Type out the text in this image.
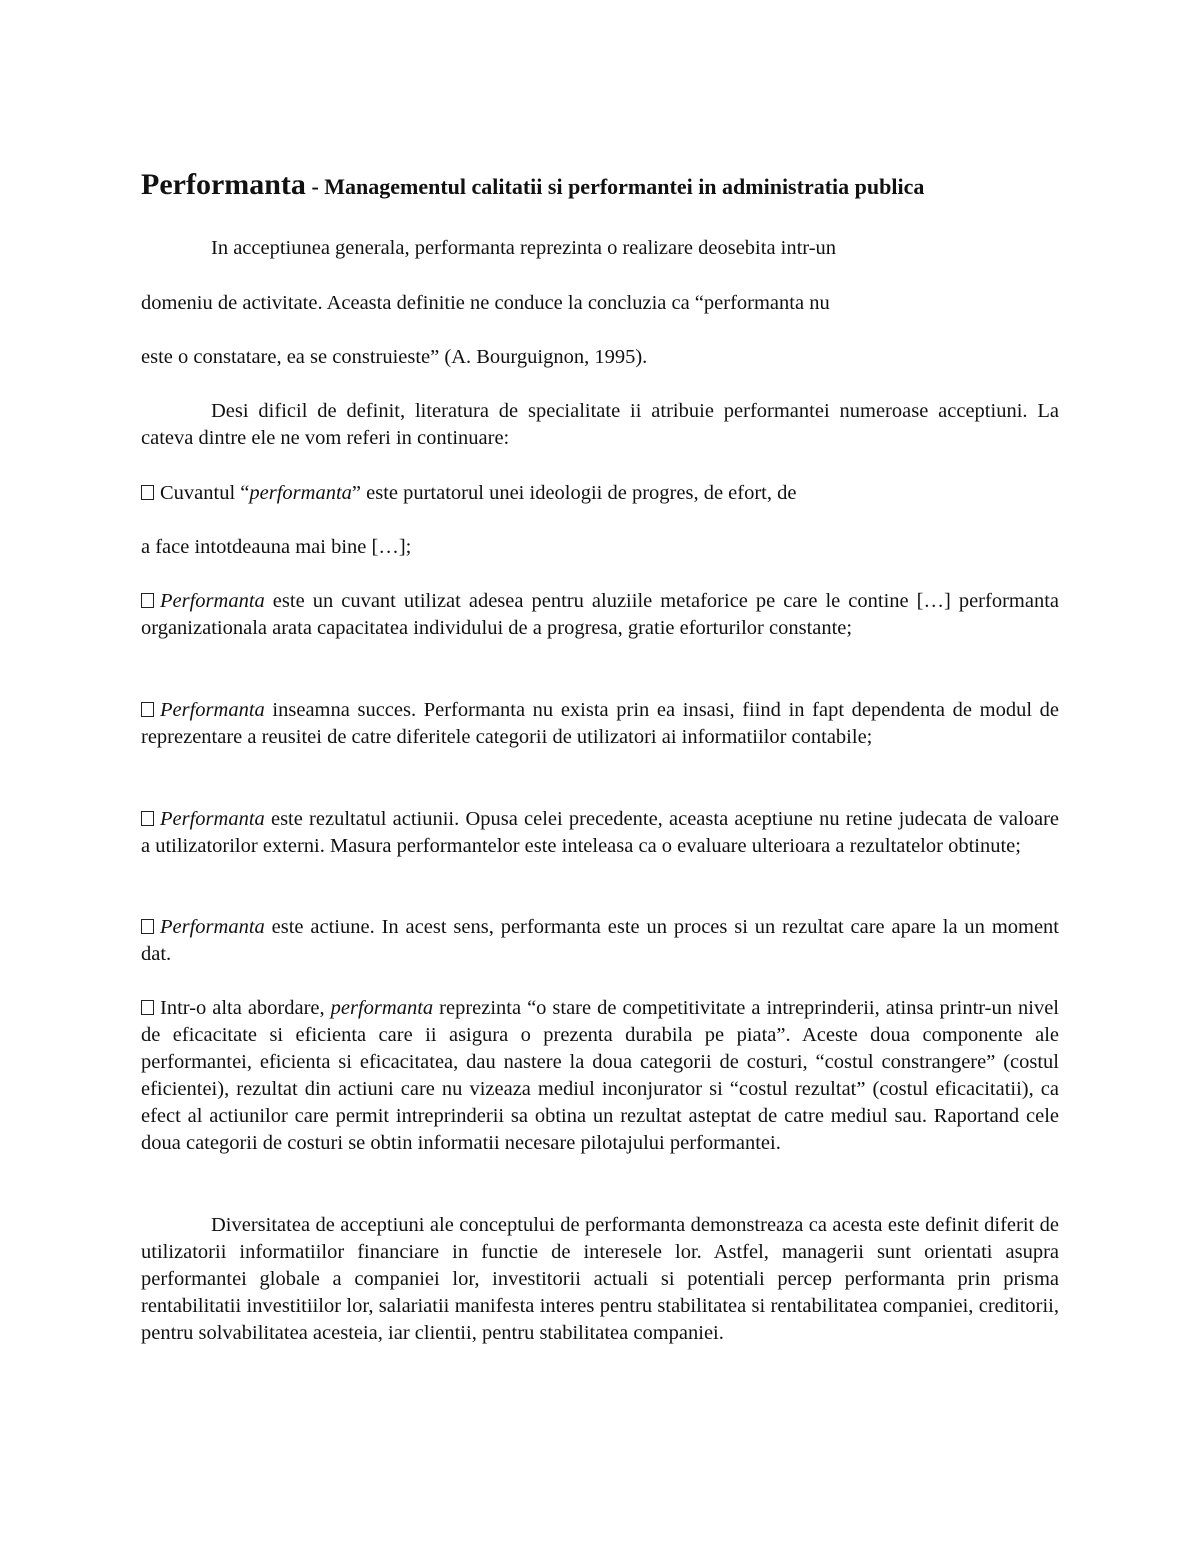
Performanta - Managementul calitatii si performantei in administratia publica
In acceptiunea generala, performanta reprezinta o realizare deosebita intr-un
domeniu de activitate. Aceasta definitie ne conduce la concluzia ca “performanta nu
este o constatare, ea se construieste” (A. Bourguignon, 1995).
Desi dificil de definit, literatura de specialitate ii atribuie performantei numeroase acceptiuni. La cateva dintre ele ne vom referi in continuare:
Cuvantul “performanta” este purtatorul unei ideologii de progres, de efort, de
a face intotdeauna mai bine […];
Performanta este un cuvant utilizat adesea pentru aluziile metaforice pe care le contine […] performanta organizationala arata capacitatea individului de a progresa, gratie eforturilor constante;
Performanta inseamna succes. Performanta nu exista prin ea insasi, fiind in fapt dependenta de modul de reprezentare a reusitei de catre diferitele categorii de utilizatori ai informatiilor contabile;
Performanta este rezultatul actiunii. Opusa celei precedente, aceasta aceptiune nu retine judecata de valoare a utilizatorilor externi. Masura performantelor este inteleasa ca o evaluare ulterioara a rezultatelor obtinute;
Performanta este actiune. In acest sens, performanta este un proces si un rezultat care apare la un moment dat.
Intr-o alta abordare, performanta reprezinta “o stare de competitivitate a intreprinderii, atinsa printr-un nivel de eficacitate si eficienta care ii asigura o prezenta durabila pe piata”. Aceste doua componente ale performantei, eficienta si eficacitatea, dau nastere la doua categorii de costuri, “costul constrangere” (costul eficientei), rezultat din actiuni care nu vizeaza mediul inconjurator si “costul rezultat” (costul eficacitatii), ca efect al actiunilor care permit intreprinderii sa obtina un rezultat asteptat de catre mediul sau. Raportand cele doua categorii de costuri se obtin informatii necesare pilotajului performantei.
Diversitatea de acceptiuni ale conceptului de performanta demonstreaza ca acesta este definit diferit de utilizatorii informatiilor financiare in functie de interesele lor. Astfel, managerii sunt orientati asupra performantei globale a companiei lor, investitorii actuali si potentiali percep performanta prin prisma rentabilitatii investitiilor lor, salariatii manifesta interes pentru stabilitatea si rentabilitatea companiei, creditorii, pentru solvabilitatea acesteia, iar clientii, pentru stabilitatea companiei.
